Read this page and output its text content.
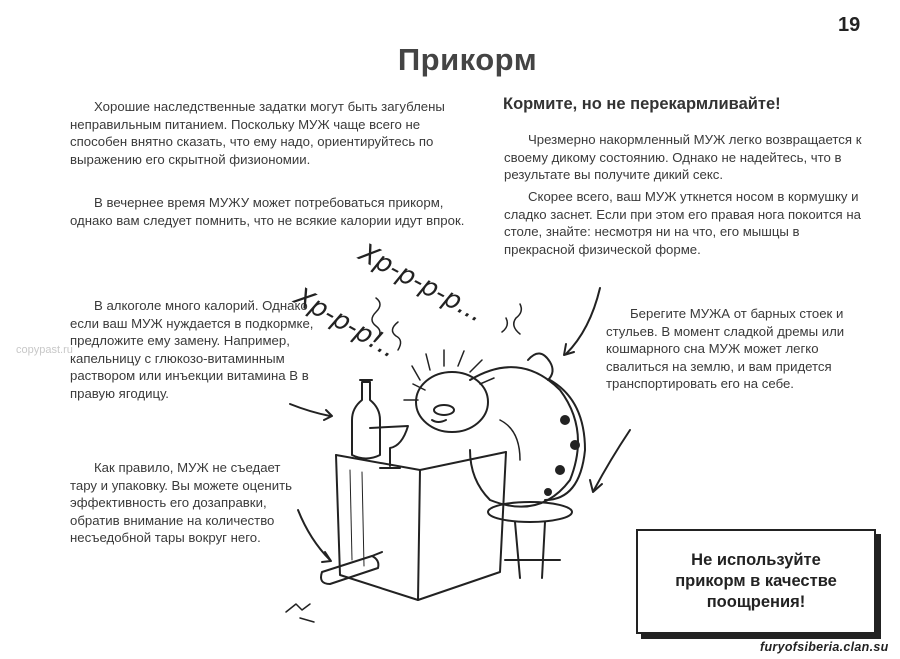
19
Прикорм
Кормите, но не перекармливайте!

Хорошие наследственные задатки могут быть загублены неправильным питанием. Поскольку МУЖ чаще всего не способен внятно сказать, что ему надо, ориентируйтесь по выражению его скрытной физиономии.

В вечернее время МУЖУ может потребоваться прикорм, однако вам следует помнить, что не всякие калории идут впрок.

Чрезмерно накормленный МУЖ легко возвращается к своему дикому состоянию. Однако не надейтесь, что в результате вы получите дикий секс.

Скорее всего, ваш МУЖ уткнется носом в кормушку и сладко заснет. Если при этом его правая нога покоится на столе, знайте: несмотря ни на что, его мышцы в прекрасной физической форме.

В алкоголе много калорий. Однако если ваш МУЖ нуждается в подкормке, предложите ему замену. Например, капельницу с глюкозо-витаминным раствором или инъекции витамина В в правую ягодицу.

Как правило, МУЖ не съедает тару и упаковку. Вы можете оценить эффективность его дозаправки, обратив внимание на количество несъедобной тары вокруг него.

Берегите МУЖА от барных стоек и стульев. В момент сладкой дремы или кошмарного сна МУЖ может легко свалиться на землю, и вам придется транспортировать его на себе.

Хр-р-р-р...
Хр-р-р!..
Не используйте
прикорм в качестве
поощрения!
copypast.ru
furyofsiberia.clan.su
